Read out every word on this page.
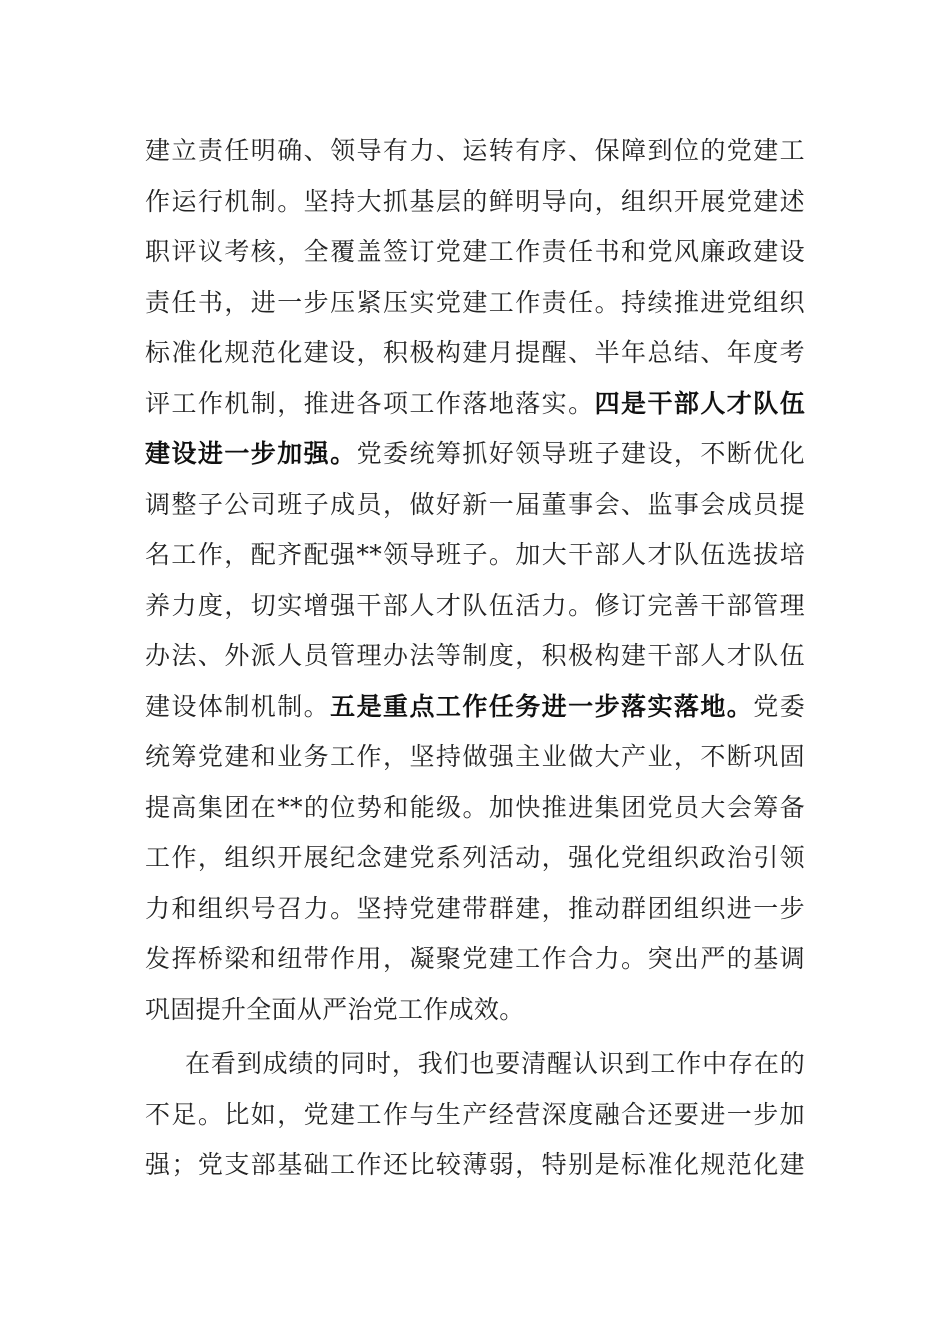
建立责任明确、领导有力、运转有序、保障到位的党建工
作运行机制。坚持大抓基层的鲜明导向，组织开展党建述
职评议考核，全覆盖签订党建工作责任书和党风廉政建设
责任书，进一步压紧压实党建工作责任。持续推进党组织
标准化规范化建设，积极构建月提醒、半年总结、年度考
评工作机制，推进各项工作落地落实。四是干部人才队伍
建设进一步加强。党委统筹抓好领导班子建设，不断优化
调整子公司班子成员，做好新一届董事会、监事会成员提
名工作，配齐配强**领导班子。加大干部人才队伍选拔培
养力度，切实增强干部人才队伍活力。修订完善干部管理
办法、外派人员管理办法等制度，积极构建干部人才队伍
建设体制机制。五是重点工作任务进一步落实落地。党委
统筹党建和业务工作，坚持做强主业做大产业，不断巩固
提高集团在**的位势和能级。加快推进集团党员大会筹备
工作，组织开展纪念建党系列活动，强化党组织政治引领
力和组织号召力。坚持党建带群建，推动群团组织进一步
发挥桥梁和纽带作用，凝聚党建工作合力。突出严的基调
巩固提升全面从严治党工作成效。
在看到成绩的同时，我们也要清醒认识到工作中存在的
不足。比如，党建工作与生产经营深度融合还要进一步加
强；党支部基础工作还比较薄弱，特别是标准化规范化建
